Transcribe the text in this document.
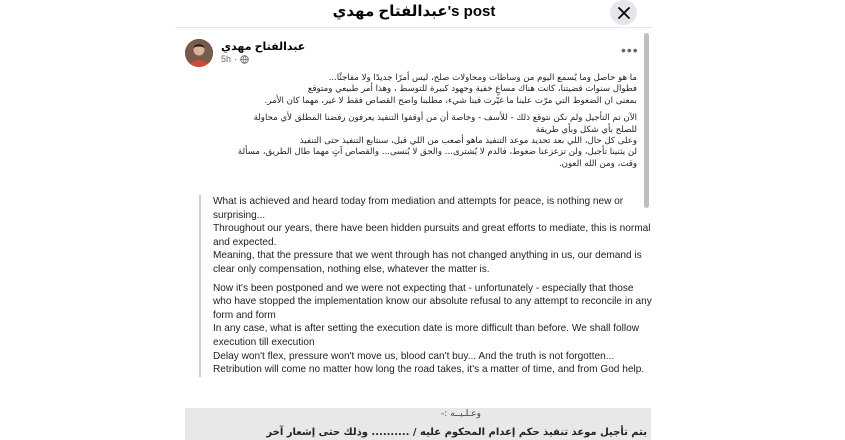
عبدالفتاح مهدي's post
عبدالفتاح مهدي
5h ·
•••

ما هو حاصل وما يُسمع اليوم من وساطات ومحاولات صلح، ليس أمرًا جديدًا ولا مفاجئًا...

فطوال سنوات قضيتنا، كانت هناك مساعٍ خفية وجهود كبيرة للتوسط ، وهذا أمر طبيعي ومتوقع

بمعنى ان الضغوط التي مرّت علينا ما غيّرت فينا شيء، مطلبنا واضح القصاص فقط لا غير، مهما كان الأمر.

الآن تم التأجيل ولم نكن نتوقع ذلك - للأسف - وخاصة أن من أوقفوا التنفيذ يعرفون رفضنا المطلق لأي محاولة

للصلح بأي شكل وبأي طريقة

وعلى كل حال، اللي بعد تحديد موعد التنفيذ ماهو أصعب من اللي قبل، سنتابع التنفيذ حتى التنفيذ

لن يثنينا تأجيل، ولن تزعزعنا ضغوط، فالدم لا يُشترى... والحق لا يُنسى... والقصاص آتٍ مهما طال الطريق، مسألة

وقت، ومن الله العون.

What is achieved and heard today from mediation and attempts for peace, is nothing new or surprising...

Throughout our years, there have been hidden pursuits and great efforts to mediate, this is normal and expected.

Meaning, that the pressure that we went through has not changed anything in us, our demand is clear only compensation, nothing else, whatever the matter is.

Now it's been postponed and we were not expecting that - unfortunately - especially that those who have stopped the implementation know our absolute refusal to any attempt to reconcile in any form and form

In any case, what is after setting the execution date is more difficult than before. We shall follow execution till execution

Delay won't flex, pressure won't move us, blood can't buy... And the truth is not forgotten... Retribution will come no matter how long the road takes, it's a matter of time, and from God help.

وعـلـيــه :-
بتم تأجيل موعد تنفيذ حكم إعدام المحكوم عليه / .......... وذلك حتى إشعار آخر
